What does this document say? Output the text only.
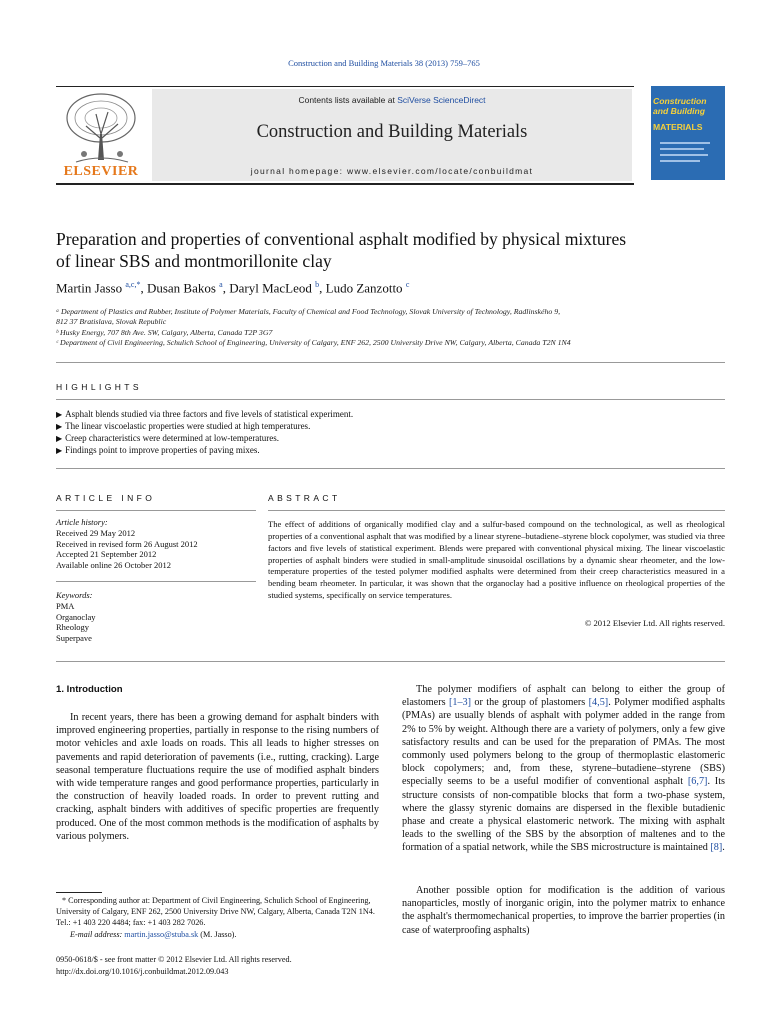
Construction and Building Materials 38 (2013) 759–765
ELSEVIER
Contents lists available at SciVerse ScienceDirect
Construction and Building Materials
journal homepage: www.elsevier.com/locate/conbuildmat
Construction
and Building
MATERIALS
Preparation and properties of conventional asphalt modified by physical mixtures
of linear SBS and montmorillonite clay
Martin Jasso $^{a,c,*}$, Dusan Bakos $^a$, Daryl MacLeod $^b$, Ludo Zanzotto $^c$
ᵃ Department of Plastics and Rubber, Institute of Polymer Materials, Faculty of Chemical and Food Technology, Slovak University of Technology, Radlinského 9,
812 37 Bratislava, Slovak Republic
ᵇ Husky Energy, 707 8th Ave. SW, Calgary, Alberta, Canada T2P 3G7
ᶜ Department of Civil Engineering, Schulich School of Engineering, University of Calgary, ENF 262, 2500 University Drive NW, Calgary, Alberta, Canada T2N 1N4
HIGHLIGHTS
▶ Asphalt blends studied via three factors and five levels of statistical experiment.
▶ The linear viscoelastic properties were studied at high temperatures.
▶ Creep characteristics were determined at low-temperatures.
▶ Findings point to improve properties of paving mixes.
ARTICLE INFO	ABSTRACT
Article history:
Received 29 May 2012
Received in revised form 26 August 2012
Accepted 21 September 2012
Available online 26 October 2012
Keywords:
PMA
Organoclay
Rheology
Superpave
The effect of additions of organically modified clay and a sulfur-based compound on the technological, as well as rheological properties of a conventional asphalt that was modified by a linear styrene–butadiene–styrene block copolymer, was studied via three factors and five levels of statistical experiment. Blends were prepared with conventional physical mixing. The linear viscoelastic properties of asphalt binders were studied in small-amplitude sinusoidal oscillations by a dynamic shear rheometer, and the low-temperature properties of the tested polymer modified asphalts were determined from their creep characteristics measured in a bending beam rheometer. In particular, it was shown that the organoclay had a positive influence on rheological properties of the studied systems, specifically on service temperatures.
© 2012 Elsevier Ltd. All rights reserved.
1. Introduction
In recent years, there has been a growing demand for asphalt binders with improved engineering properties, partially in response to the rising numbers of motor vehicles and axle loads on roads. This all leads to higher stresses on pavements and rapid deterioration of pavements (i.e., rutting, cracking). Large seasonal temperature fluctuations require the use of modified asphalt binders with wide temperature ranges and good performance properties, particularly in the construction of heavily loaded roads. In order to prevent rutting and cracking, asphalt binders with additives of specific properties are frequently produced. One of the most common methods is the modification of asphalts by various polymers.
The polymer modifiers of asphalt can belong to either the group of elastomers [1–3] or the group of plastomers [4,5]. Polymer modified asphalts (PMAs) are usually blends of asphalt with polymer added in the range from 2% to 5% by weight. Although there are a variety of polymers, only a few give satisfactory results and can be used for the preparation of PMAs. The most commonly used polymers belong to the group of thermoplastic elastomeric block copolymers; and, from these, styrene–butadiene–styrene (SBS) especially seems to be a useful modifier of conventional asphalt [6,7]. Its structure consists of non-compatible blocks that form a two-phase system, where the glassy styrenic domains are dispersed in the flexible butadienic phase and create a physical elastomeric network. The mixing with asphalt leads to the swelling of the SBS by the absorption of maltenes and to the formation of a spatial network, while the SBS microstructure is maintained [8].
Another possible option for modification is the addition of various nanoparticles, mostly of inorganic origin, into the polymer matrix to enhance the asphalt's thermomechanical properties, to improve the barrier properties (in case of waterproofing asphalts)
* Corresponding author at: Department of Civil Engineering, Schulich School of Engineering, University of Calgary, ENF 262, 2500 University Drive NW, Calgary, Alberta, Canada T2N 1N4. Tel.: +1 403 220 4484; fax: +1 403 282 7026.
E-mail address: martin.jasso@stuba.sk (M. Jasso).
0950-0618/$ - see front matter © 2012 Elsevier Ltd. All rights reserved.
http://dx.doi.org/10.1016/j.conbuildmat.2012.09.043
